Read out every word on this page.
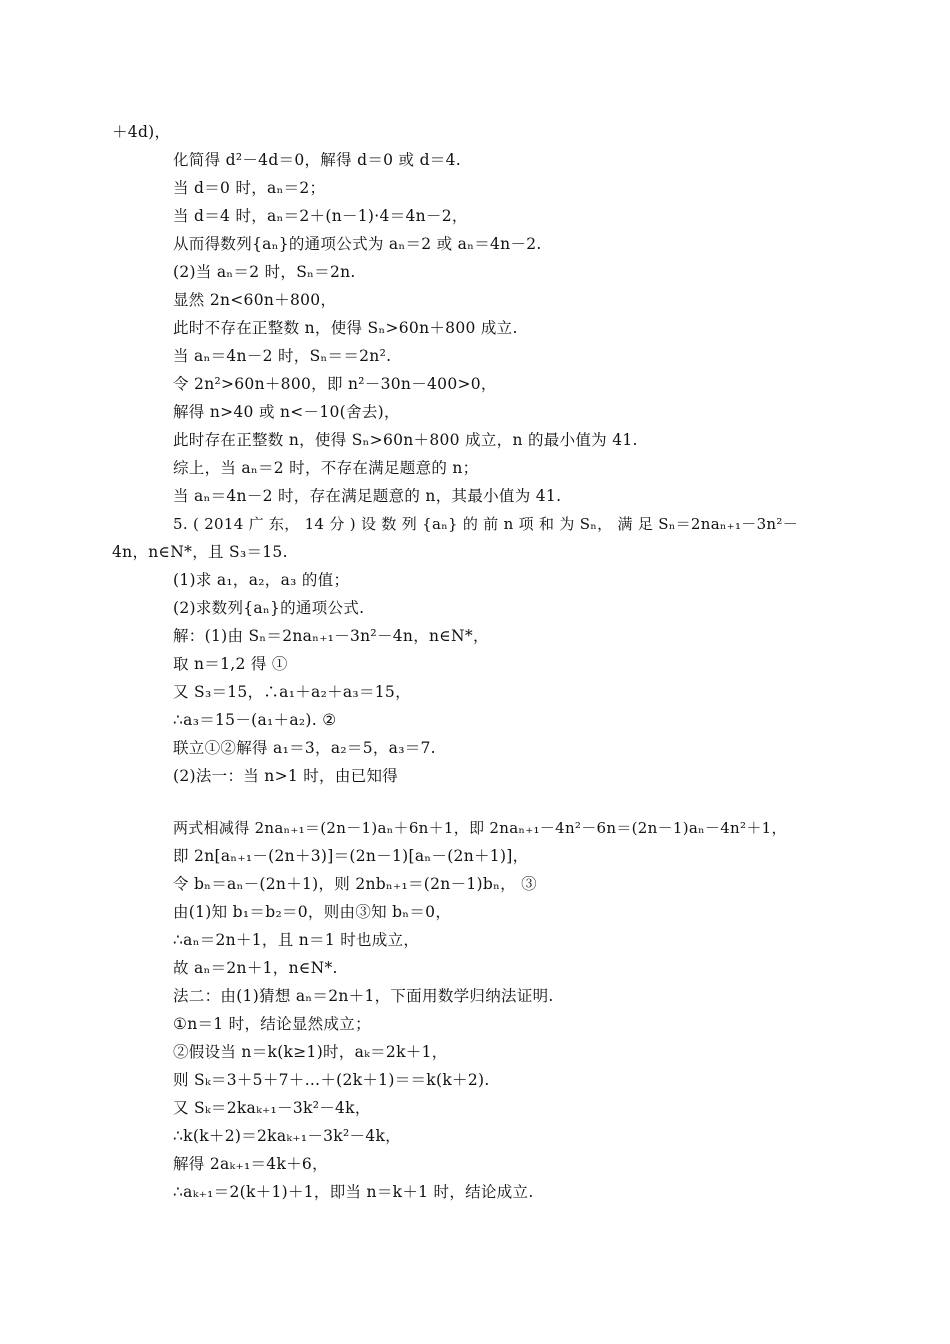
＋4d)，
化简得 d²－4d＝0，解得 d＝0 或 d＝4.
当 d＝0 时，aₙ＝2；
当 d＝4 时，aₙ＝2＋(n－1)·4＝4n－2，
从而得数列{aₙ}的通项公式为 aₙ＝2 或 aₙ＝4n－2.
(2)当 aₙ＝2 时，Sₙ＝2n.
显然 2n<60n＋800，
此时不存在正整数 n，使得 Sₙ>60n＋800 成立.
当 aₙ＝4n－2 时，Sₙ＝＝2n².
令 2n²>60n＋800，即 n²－30n－400>0，
解得 n>40 或 n<－10(舍去)，
此时存在正整数 n，使得 Sₙ>60n＋800 成立，n 的最小值为 41.
综上，当 aₙ＝2 时，不存在满足题意的 n；
当 aₙ＝4n－2 时，存在满足题意的 n，其最小值为 41.
5. ( 2014 广 东， 14 分 ) 设 数 列 {aₙ} 的 前 n 项 和 为 Sₙ， 满 足 Sₙ＝2naₙ₊₁－3n²－
4n，n∈N*，且 S₃＝15.
(1)求 a₁，a₂，a₃ 的值；
(2)求数列{aₙ}的通项公式.
解：(1)由 Sₙ＝2naₙ₊₁－3n²－4n，n∈N*，
取 n＝1,2 得 ①
又 S₃＝15，∴a₁＋a₂＋a₃＝15，
∴a₃＝15－(a₁＋a₂). ②
联立①②解得 a₁＝3，a₂＝5，a₃＝7.
(2)法一：当 n>1 时，由已知得
两式相减得 2naₙ₊₁＝(2n－1)aₙ＋6n＋1，即 2naₙ₊₁－4n²－6n＝(2n－1)aₙ－4n²＋1，
即 2n[aₙ₊₁－(2n＋3)]＝(2n－1)[aₙ－(2n＋1)]，
令 bₙ＝aₙ－(2n＋1)，则 2nbₙ₊₁＝(2n－1)bₙ， ③
由(1)知 b₁＝b₂＝0，则由③知 bₙ＝0，
∴aₙ＝2n＋1，且 n＝1 时也成立，
故 aₙ＝2n＋1，n∈N*.
法二：由(1)猜想 aₙ＝2n＋1，下面用数学归纳法证明.
①n＝1 时，结论显然成立；
②假设当 n＝k(k≥1)时，aₖ＝2k＋1，
则 Sₖ＝3＋5＋7＋…＋(2k＋1)＝＝k(k＋2).
又 Sₖ＝2kaₖ₊₁－3k²－4k，
∴k(k＋2)＝2kaₖ₊₁－3k²－4k，
解得 2aₖ₊₁＝4k＋6，
∴aₖ₊₁＝2(k＋1)＋1，即当 n＝k＋1 时，结论成立.
